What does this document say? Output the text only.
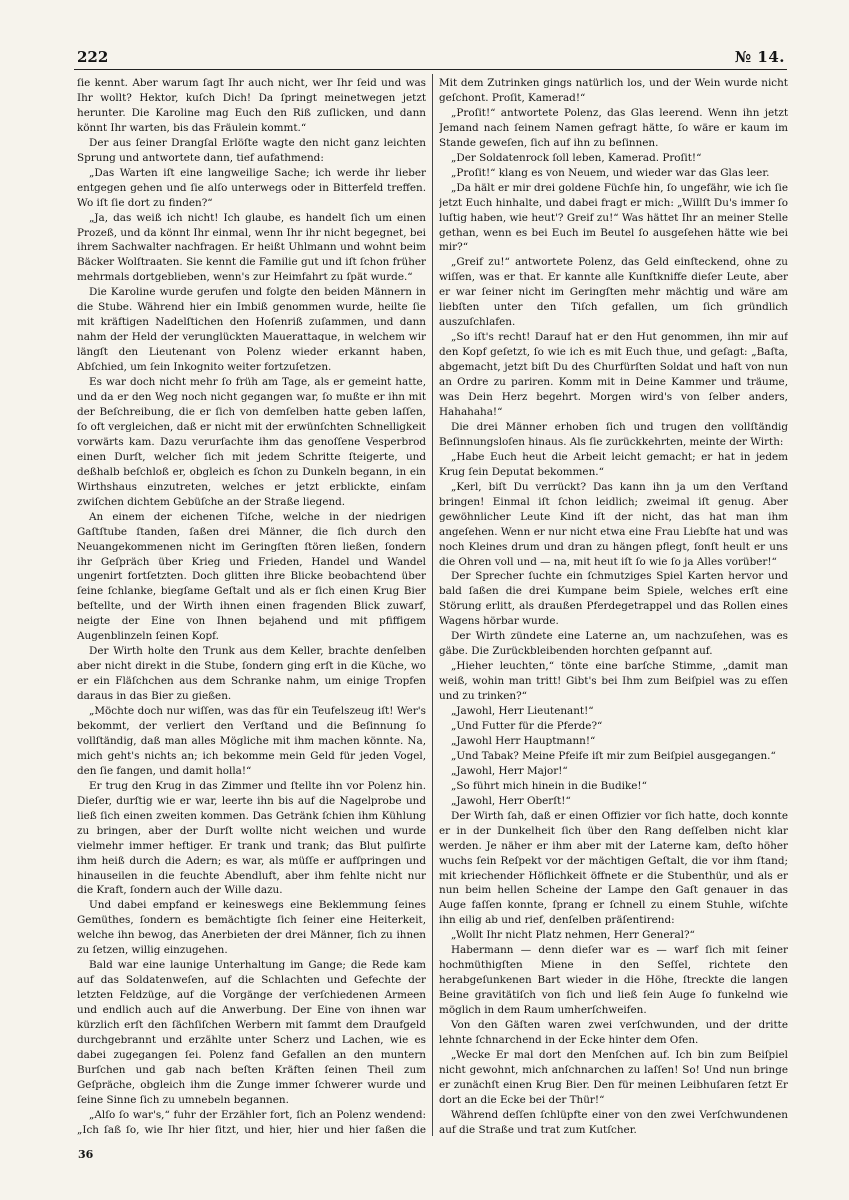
222	№ 14.

ſie kennt. Aber warum ſagt Ihr auch nicht, wer Ihr ſeid und was Ihr wollt? Hektor, kuſch Dich! Da ſpringt meinetwegen jetzt herunter. Die Karoline mag Euch den Riß zuſlicken, und dann könnt Ihr warten, bis das Fräulein kommt.“

Der aus ſeiner Drangſal Erlöſte wagte den nicht ganz leichten Sprung und antwortete dann, tief aufathmend:

„Das Warten iſt eine langweilige Sache; ich werde ihr lieber entgegen gehen und ſie alſo unterwegs oder in Bitterfeld treffen. Wo iſt ſie dort zu finden?“

„Ja, das weiß ich nicht! Ich glaube, es handelt ſich um einen Prozeß, und da könnt Ihr einmal, wenn Ihr ihr nicht begegnet, bei ihrem Sachwalter nachfragen. Er heißt Uhlmann und wohnt beim Bäcker Wolſtraaten. Sie kennt die Familie gut und iſt ſchon früher mehrmals dortgeblieben, wenn's zur Heimfahrt zu ſpät wurde.“

Die Karoline wurde gerufen und folgte den beiden Männern in die Stube. Während hier ein Imbiß genommen wurde, heilte ſie mit kräftigen Nadelſtichen den Hoſenriß zuſammen, und dann nahm der Held der verunglückten Mauerattaque, in welchem wir längſt den Lieutenant von Polenz wieder erkannt haben, Abſchied, um ſein Inkognito weiter fortzuſetzen.

Es war doch nicht mehr ſo früh am Tage, als er gemeint hatte, und da er den Weg noch nicht gegangen war, ſo mußte er ihn mit der Beſchreibung, die er ſich von demſelben hatte geben laſſen, ſo oft vergleichen, daß er nicht mit der erwünſchten Schnelligkeit vorwärts kam. Dazu verurſachte ihm das genoſſene Vesperbrod einen Durſt, welcher ſich mit jedem Schritte ſteigerte, und deßhalb beſchloß er, obgleich es ſchon zu Dunkeln begann, in ein Wirthshaus einzutreten, welches er jetzt erblickte, einſam zwiſchen dichtem Gebüſche an der Straße liegend.

An einem der eichenen Tiſche, welche in der niedrigen Gaſtſtube ſtanden, ſaßen drei Männer, die ſich durch den Neuangekommenen nicht im Geringſten ſtören ließen, ſondern ihr Geſpräch über Krieg und Frieden, Handel und Wandel ungenirt fortſetzten. Doch glitten ihre Blicke beobachtend über ſeine ſchlanke, biegſame Geſtalt und als er ſich einen Krug Bier beſtellte, und der Wirth ihnen einen fragenden Blick zuwarf, neigte der Eine von Ihnen bejahend und mit pfiffigem Augenblinzeln ſeinen Kopf.

Der Wirth holte den Trunk aus dem Keller, brachte denſelben aber nicht direkt in die Stube, ſondern ging erſt in die Küche, wo er ein Fläſchchen aus dem Schranke nahm, um einige Tropfen daraus in das Bier zu gießen.

„Möchte doch nur wiſſen, was das für ein Teufelszeug iſt! Wer's bekommt, der verliert den Verſtand und die Beſinnung ſo vollſtändig, daß man alles Mögliche mit ihm machen könnte. Na, mich geht's nichts an; ich bekomme mein Geld für jeden Vogel, den ſie fangen, und damit holla!“

Er trug den Krug in das Zimmer und ſtellte ihn vor Polenz hin. Dieſer, durſtig wie er war, leerte ihn bis auf die Nagelprobe und ließ ſich einen zweiten kommen. Das Getränk ſchien ihm Kühlung zu bringen, aber der Durſt wollte nicht weichen und wurde vielmehr immer heftiger. Er trank und trank; das Blut pulſirte ihm heiß durch die Adern; es war, als müſſe er aufſpringen und hinauseilen in die feuchte Abendluft, aber ihm fehlte nicht nur die Kraft, ſondern auch der Wille dazu.

Und dabei empfand er keineswegs eine Beklemmung ſeines Gemüthes, ſondern es bemächtigte ſich ſeiner eine Heiterkeit, welche ihn bewog, das Anerbieten der drei Männer, ſich zu ihnen zu ſetzen, willig einzugehen.

Bald war eine launige Unterhaltung im Gange; die Rede kam auf das Soldatenweſen, auf die Schlachten und Gefechte der letzten Feldzüge, auf die Vorgänge der verſchiedenen Armeen und endlich auch auf die Anwerbung. Der Eine von ihnen war kürzlich erſt den ſächſiſchen Werbern mit ſammt dem Draufgeld durchgebrannt und erzählte unter Scherz und Lachen, wie es dabei zugegangen ſei. Polenz fand Gefallen an den muntern Burſchen und gab nach beſten Kräften ſeinen Theil zum Geſpräche, obgleich ihm die Zunge immer ſchwerer wurde und ſeine Sinne ſich zu umnebeln begannen.

„Alſo ſo war's,“ fuhr der Erzähler fort, ſich an Polenz wendend: „Ich ſaß ſo, wie Ihr hier ſitzt, und hier, hier und hier ſaßen die

Mit dem Zutrinken gings natürlich los, und der Wein wurde nicht geſchont. Proſit, Kamerad!“

„Proſit!“ antwortete Polenz, das Glas leerend. Wenn ihn jetzt Jemand nach ſeinem Namen gefragt hätte, ſo wäre er kaum im Stande geweſen, ſich auf ihn zu beſinnen.

„Der Soldatenrock ſoll leben, Kamerad. Proſit!“

„Proſit!“ klang es von Neuem, und wieder war das Glas leer.

„Da hält er mir drei goldene Füchſe hin, ſo ungefähr, wie ich ſie jetzt Euch hinhalte, und dabei fragt er mich: „Willſt Du's immer ſo luſtig haben, wie heut'? Greif zu!“ Was hättet Ihr an meiner Stelle gethan, wenn es bei Euch im Beutel ſo ausgeſehen hätte wie bei mir?“

„Greif zu!“ antwortete Polenz, das Geld einſteckend, ohne zu wiſſen, was er that. Er kannte alle Kunſtkniffe dieſer Leute, aber er war ſeiner nicht im Geringſten mehr mächtig und wäre am liebſten unter den Tiſch gefallen, um ſich gründlich auszuſchlafen.

„So iſt's recht! Darauf hat er den Hut genommen, ihn mir auf den Kopf geſetzt, ſo wie ich es mit Euch thue, und geſagt: „Baſta, abgemacht, jetzt biſt Du des Churfürſten Soldat und haſt von nun an Ordre zu pariren. Komm mit in Deine Kammer und träume, was Dein Herz begehrt. Morgen wird's von ſelber anders, Hahahaha!“

Die drei Männer erhoben ſich und trugen den vollſtändig Beſinnungsloſen hinaus. Als ſie zurückkehrten, meinte der Wirth:

„Habe Euch heut die Arbeit leicht gemacht; er hat in jedem Krug ſein Deputat bekommen.“

„Kerl, biſt Du verrückt? Das kann ihn ja um den Verſtand bringen! Einmal iſt ſchon leidlich; zweimal iſt genug. Aber gewöhnlicher Leute Kind iſt der nicht, das hat man ihm angeſehen. Wenn er nur nicht etwa eine Frau Liebſte hat und was noch Kleines drum und dran zu hängen pflegt, ſonſt heult er uns die Ohren voll und — na, mit heut iſt ſo wie ſo ja Alles vorüber!“

Der Sprecher ſuchte ein ſchmutziges Spiel Karten hervor und bald ſaßen die drei Kumpane beim Spiele, welches erſt eine Störung erlitt, als draußen Pferdegetrappel und das Rollen eines Wagens hörbar wurde.

Der Wirth zündete eine Laterne an, um nachzuſehen, was es gäbe. Die Zurückbleibenden horchten geſpannt auf.

„Hieher leuchten,“ tönte eine barſche Stimme, „damit man weiß, wohin man tritt! Gibt's bei Ihm zum Beiſpiel was zu eſſen und zu trinken?“

„Jawohl, Herr Lieutenant!“

„Und Futter für die Pferde?“

„Jawohl Herr Hauptmann!“

„Und Tabak? Meine Pfeife iſt mir zum Beiſpiel ausgegangen.“

„Jawohl, Herr Major!“

„So führt mich hinein in die Budike!“

„Jawohl, Herr Oberſt!“

Der Wirth ſah, daß er einen Offizier vor ſich hatte, doch konnte er in der Dunkelheit ſich über den Rang deſſelben nicht klar werden. Je näher er ihm aber mit der Laterne kam, deſto höher wuchs ſein Reſpekt vor der mächtigen Geſtalt, die vor ihm ſtand; mit kriechender Höflichkeit öffnete er die Stubenthür, und als er nun beim hellen Scheine der Lampe den Gaſt genauer in das Auge faſſen konnte, ſprang er ſchnell zu einem Stuhle, wiſchte ihn eilig ab und rief, denſelben präſentirend:

„Wollt Ihr nicht Platz nehmen, Herr General?“

Habermann — denn dieſer war es — warf ſich mit ſeiner hochmüthigſten Miene in den Seſſel, richtete den herabgeſunkenen Bart wieder in die Höhe, ſtreckte die langen Beine gravitätiſch von ſich und ließ ſein Auge ſo funkelnd wie möglich in dem Raum umherſchweifen.

Von den Gäſten waren zwei verſchwunden, und der dritte lehnte ſchnarchend in der Ecke hinter dem Ofen.

„Wecke Er mal dort den Menſchen auf. Ich bin zum Beiſpiel nicht gewohnt, mich anſchnarchen zu laſſen! So! Und nun bringe er zunächſt einen Krug Bier. Den für meinen Leibhuſaren ſetzt Er dort an die Ecke bei der Thür!“

Während deſſen ſchlüpfte einer von den zwei Verſchwundenen auf die Straße und trat zum Kutſcher.

36
